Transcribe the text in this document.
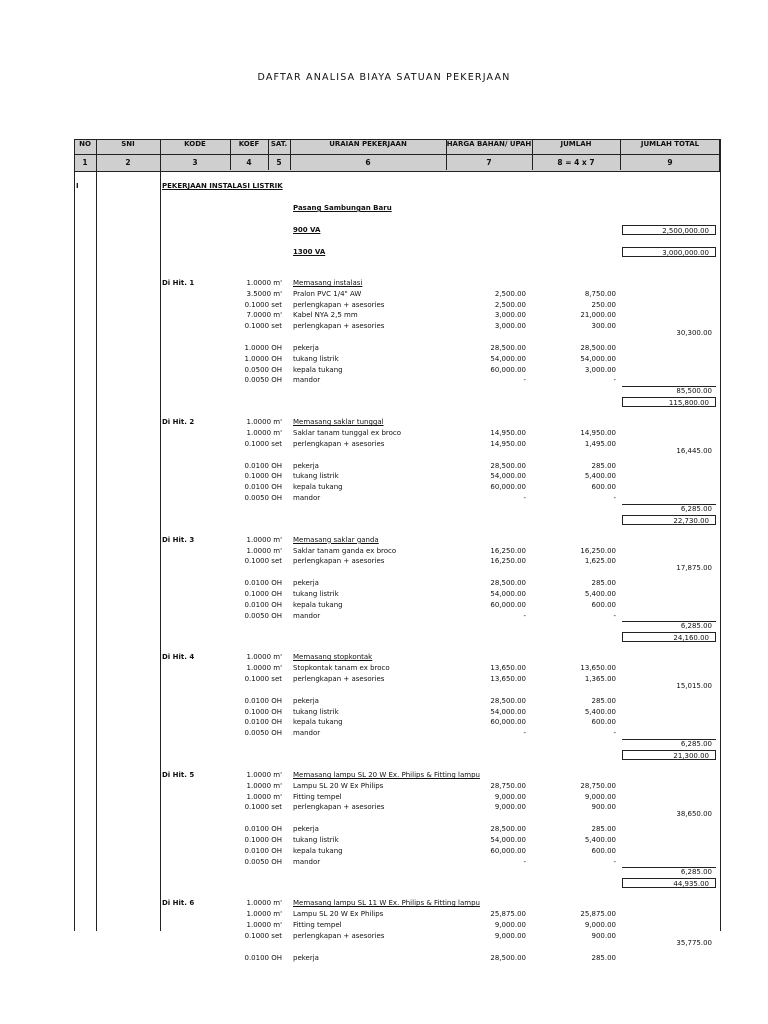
DAFTAR ANALISA BIAYA SATUAN PEKERJAAN
NO	SNI	KODE	KOEF	SAT.	URAIAN PEKERJAAN	HARGA BAHAN/ UPAH	JUMLAH	JUMLAH TOTAL
1	2	3	4	5	6	7	8 = 4 x 7	9
I	PEKERJAAN INSTALASI LISTRIK
Pasang Sambungan Baru
900 VA	2,500,000.00
1300 VA	3,000,000.00
Di Hit. 1	1.0000 m' Memasang instalasi
3.5000 m' Pralon PVC 1/4" AW	2,500.00	8,750.00
0.1000 set perlengkapan + asesories	2,500.00	250.00
7.0000 m' Kabel NYA 2,5 mm	3,000.00	21,000.00
0.1000 set perlengkapan + asesories	3,000.00	300.00
30,300.00
1.0000 OH pekerja	28,500.00	28,500.00
1.0000 OH tukang listrik	54,000.00	54,000.00
0.0500 OH kepala tukang	60,000.00	3,000.00
0.0050 OH mandor	-	-
85,500.00
115,800.00
Di Hit. 2	1.0000 m' Memasang saklar tunggal
1.0000 m' Saklar tanam tunggal ex broco	14,950.00	14,950.00
0.1000 set perlengkapan + asesories	14,950.00	1,495.00
16,445.00
0.0100 OH pekerja	28,500.00	285.00
0.1000 OH tukang listrik	54,000.00	5,400.00
0.0100 OH kepala tukang	60,000.00	600.00
0.0050 OH mandor	-	-
6,285.00
22,730.00
Di Hit. 3	1.0000 m' Memasang saklar ganda
1.0000 m' Saklar tanam ganda ex broco	16,250.00	16,250.00
0.1000 set perlengkapan + asesories	16,250.00	1,625.00
17,875.00
0.0100 OH pekerja	28,500.00	285.00
0.1000 OH tukang listrik	54,000.00	5,400.00
0.0100 OH kepala tukang	60,000.00	600.00
0.0050 OH mandor	-	-
6,285.00
24,160.00
Di Hit. 4	1.0000 m' Memasang stopkontak
1.0000 m' Stopkontak tanam ex broco	13,650.00	13,650.00
0.1000 set perlengkapan + asesories	13,650.00	1,365.00
15,015.00
0.0100 OH pekerja	28,500.00	285.00
0.1000 OH tukang listrik	54,000.00	5,400.00
0.0100 OH kepala tukang	60,000.00	600.00
0.0050 OH mandor	-	-
6,285.00
21,300.00
Di Hit. 5	1.0000 m' Memasang lampu SL 20 W Ex. Philips & Fitting lampu
1.0000 m' Lampu SL 20 W Ex Philips	28,750.00	28,750.00
1.0000 m' Fitting tempel	9,000.00	9,000.00
0.1000 set perlengkapan + asesories	9,000.00	900.00
38,650.00
0.0100 OH pekerja	28,500.00	285.00
0.1000 OH tukang listrik	54,000.00	5,400.00
0.0100 OH kepala tukang	60,000.00	600.00
0.0050 OH mandor	-	-
6,285.00
44,935.00
Di Hit. 6	1.0000 m' Memasang lampu SL 11 W Ex. Philips & Fitting lampu
1.0000 m' Lampu SL 20 W Ex Philips	25,875.00	25,875.00
1.0000 m' Fitting tempel	9,000.00	9,000.00
0.1000 set perlengkapan + asesories	9,000.00	900.00
35,775.00
0.0100 OH pekerja	28,500.00	285.00
